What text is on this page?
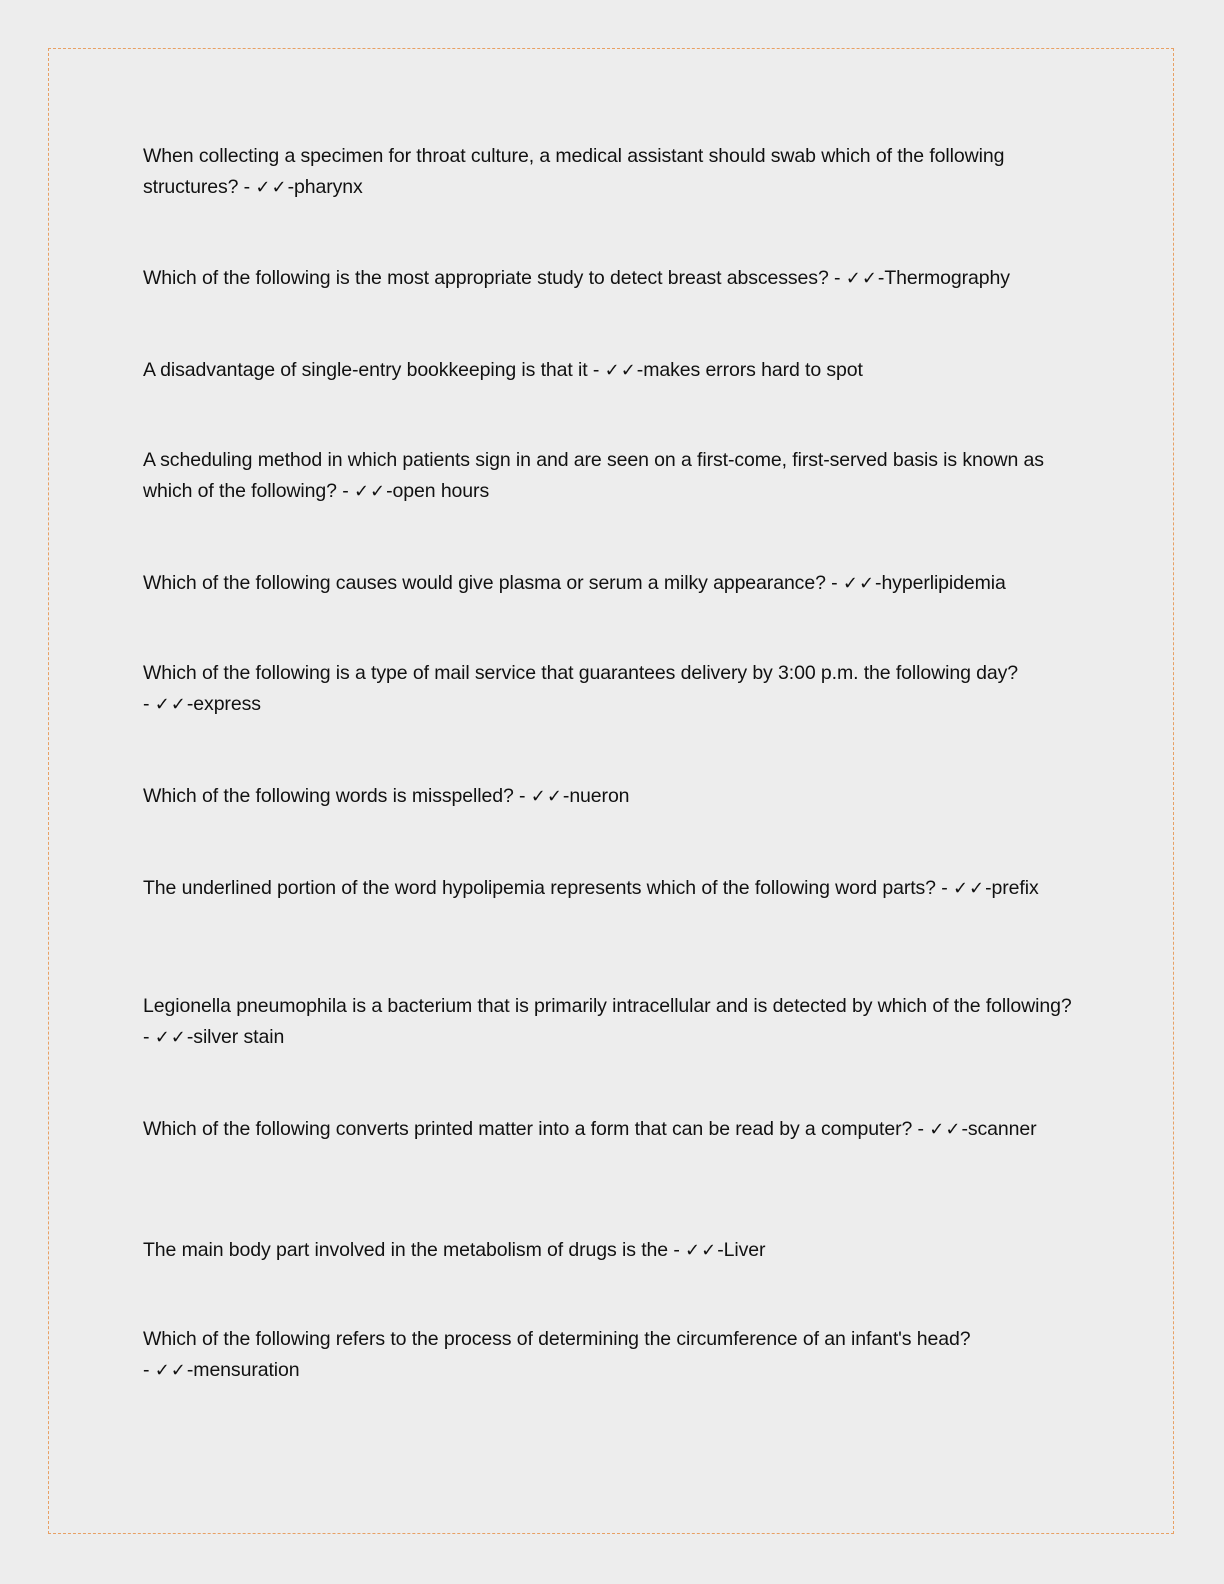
When collecting a specimen for throat culture, a medical assistant should swab which of the following structures? - ✓✓-pharynx
Which of the following is the most appropriate study to detect breast abscesses? - ✓✓-Thermography
A disadvantage of single-entry bookkeeping is that it - ✓✓-makes errors hard to spot
A scheduling method in which patients sign in and are seen on a first-come, first-served basis is known as which of the following? - ✓✓-open hours
Which of the following causes would give plasma or serum a milky appearance? - ✓✓-hyperlipidemia
Which of the following is a type of mail service that guarantees delivery by 3:00 p.m. the following day? - ✓✓-express
Which of the following words is misspelled? - ✓✓-nueron
The underlined portion of the word hypolipemia represents which of the following word parts? - ✓✓-prefix
Legionella pneumophila is a bacterium that is primarily intracellular and is detected by which of the following? - ✓✓-silver stain
Which of the following converts printed matter into a form that can be read by a computer? - ✓✓-scanner
The main body part involved in the metabolism of drugs is the - ✓✓-Liver
Which of the following refers to the process of determining the circumference of an infant's head? - ✓✓-mensuration
